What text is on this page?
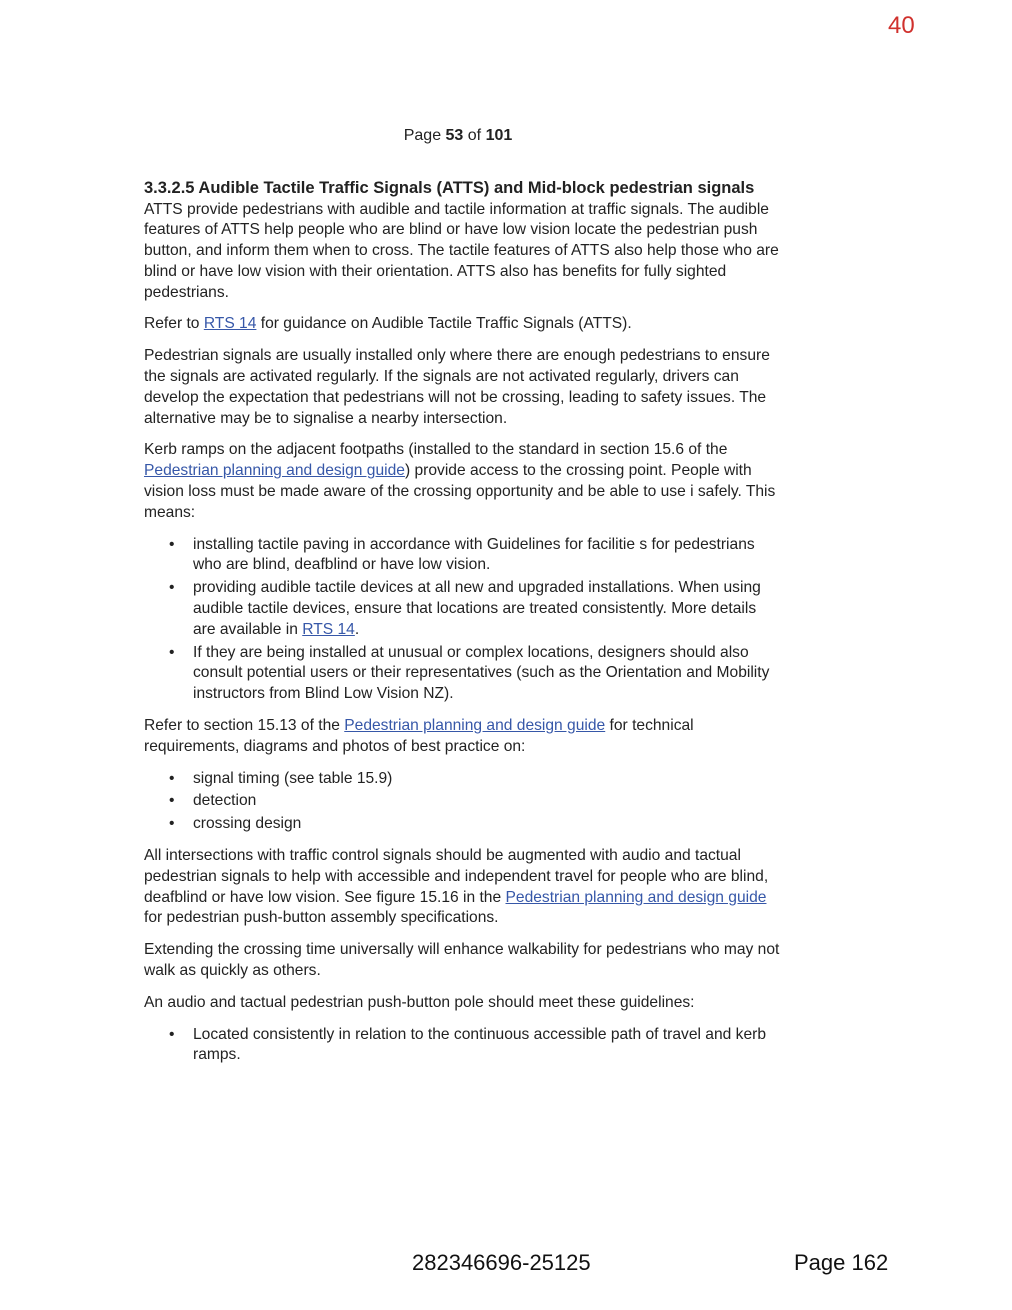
40
Page 53 of 101
3.3.2.5 Audible Tactile Traffic Signals (ATTS) and Mid-block pedestrian signals

ATTS provide pedestrians with audible and tactile information at traffic signals. The audible features of ATTS help people who are blind or have low vision locate the pedestrian push button, and inform them when to cross. The tactile features of ATTS also help those who are blind or have low vision with their orientation. ATTS also has benefits for fully sighted pedestrians.

Refer to RTS 14 for guidance on Audible Tactile Traffic Signals (ATTS).

Pedestrian signals are usually installed only where there are enough pedestrians to ensure the signals are activated regularly. If the signals are not activated regularly, drivers can develop the expectation that pedestrians will not be crossing, leading to safety issues. The alternative may be to signalise a nearby intersection.

Kerb ramps on the adjacent footpaths (installed to the standard in section 15.6 of the Pedestrian planning and design guide) provide access to the crossing point. People with vision loss must be made aware of the crossing opportunity and be able to use i safely. This means:

• installing tactile paving in accordance with Guidelines for facilitie s for pedestrians who are blind, deafblind or have low vision.
• providing audible tactile devices at all new and upgraded installations. When using audible tactile devices, ensure that locations are treated consistently. More details are available in RTS 14.
• If they are being installed at unusual or complex locations, designers should also consult potential users or their representatives (such as the Orientation and Mobility instructors from Blind Low Vision NZ).

Refer to section 15.13 of the Pedestrian planning and design guide for technical requirements, diagrams and photos of best practice on:

• signal timing (see table 15.9)
• detection
• crossing design

All intersections with traffic control signals should be augmented with audio and tactual pedestrian signals to help with accessible and independent travel for people who are blind, deafblind or have low vision. See figure 15.16 in the Pedestrian planning and design guide for pedestrian push-button assembly specifications.

Extending the crossing time universally will enhance walkability for pedestrians who may not walk as quickly as others.

An audio and tactual pedestrian push-button pole should meet these guidelines:

• Located consistently in relation to the continuous accessible path of travel and kerb ramps.
282346696-25125	Page 162
